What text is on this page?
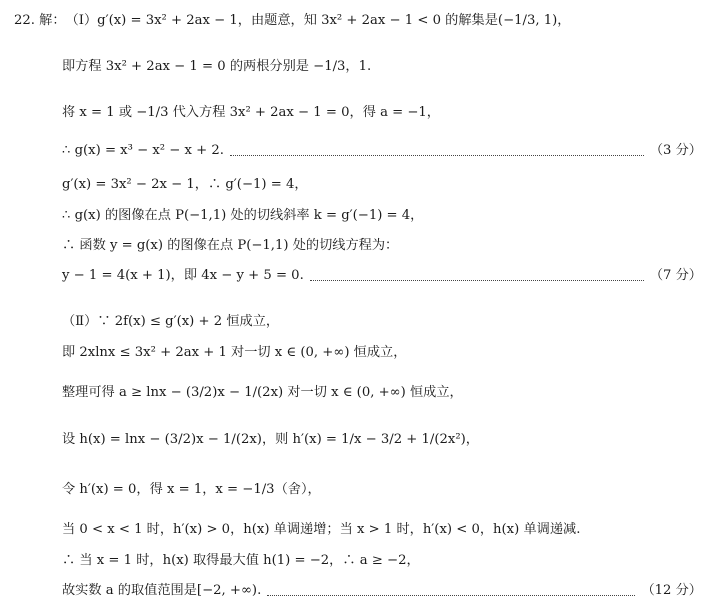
22. 解： （Ⅰ）g′(x) = 3x² + 2ax − 1，由题意，知 3x² + 2ax − 1 < 0 的解集是(−1/3, 1)，
即方程 3x² + 2ax − 1 = 0 的两根分别是 −1/3，1.
将 x = 1 或 −1/3 代入方程 3x² + 2ax − 1 = 0，得 a = −1，
∴ g(x) = x³ − x² − x + 2.	（3 分）
g′(x) = 3x² − 2x − 1，∴ g′(−1) = 4，
∴ g(x) 的图像在点 P(−1,1) 处的切线斜率 k = g′(−1) = 4，
∴ 函数 y = g(x) 的图像在点 P(−1,1) 处的切线方程为：
y − 1 = 4(x + 1)，即 4x − y + 5 = 0.	（7 分）
（Ⅱ）∵ 2f(x) ≤ g′(x) + 2 恒成立，
即 2xlnx ≤ 3x² + 2ax + 1 对一切 x ∈ (0, +∞) 恒成立，
整理可得 a ≥ lnx − (3/2)x − 1/(2x) 对一切 x ∈ (0, +∞) 恒成立，
设 h(x) = lnx − (3/2)x − 1/(2x)，则 h′(x) = 1/x − 3/2 + 1/(2x²)，
令 h′(x) = 0，得 x = 1，x = −1/3（舍），
当 0 < x < 1 时，h′(x) > 0，h(x) 单调递增；当 x > 1 时，h′(x) < 0，h(x) 单调递减.
∴ 当 x = 1 时，h(x) 取得最大值 h(1) = −2，∴ a ≥ −2，
故实数 a 的取值范围是[−2, +∞).	（12 分）
